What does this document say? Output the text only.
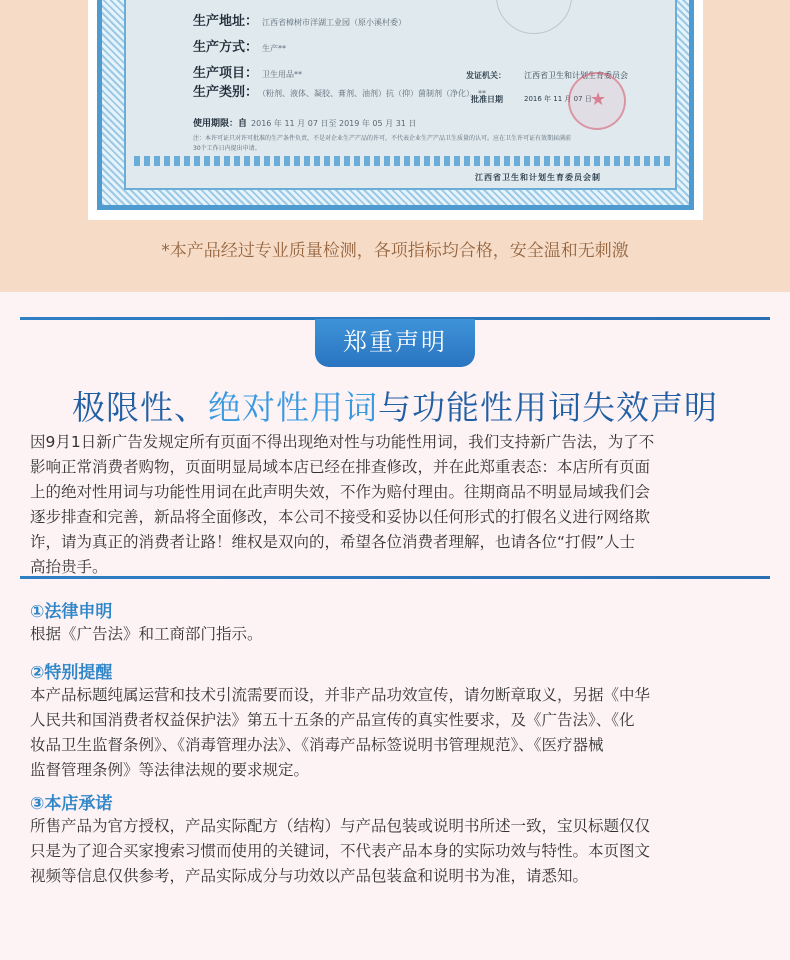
生产地址： 江西省樟树市洋湖工业园（原小溪村委）
生产方式： 生产**
生产项目： 卫生用品**
生产类别： （粉剂、液体、凝胶、膏剂、油剂）抗（抑）菌制剂（净化）。**
使用期限：自 2016 年 11 月 07 日至 2019 年 05 月 31 日
注：本许可证只对许可批准的生产条件负责，不是对企业生产产品的许可，不代表企业生产产品卫生质量的认可。应在卫生许可证有效期届满前30个工作日内提出申请。
发证机关： 江西省卫生和计划生育委员会
批准日期	2016 年 11 月 07 日
★
江西省卫生和计划生育委员会制
*本产品经过专业质量检测，各项指标均合格，安全温和无刺激
郑重声明
极限性、绝对性用词与功能性用词失效声明
因9月1日新广告发规定所有页面不得出现绝对性与功能性用词，我们支持新广告法，为了不
影响正常消费者购物，页面明显局域本店已经在排查修改，并在此郑重表态：本店所有页面
上的绝对性用词与功能性用词在此声明失效，不作为赔付理由。往期商品不明显局域我们会
逐步排查和完善，新品将全面修改，本公司不接受和妥协以任何形式的打假名义进行网络欺
诈，请为真正的消费者让路！维权是双向的，希望各位消费者理解，也请各位“打假”人士
高抬贵手。
①法律申明
根据《广告法》和工商部门指示。
②特别提醒
本产品标题纯属运营和技术引流需要而设，并非产品功效宣传，请勿断章取义，另据《中华
人民共和国消费者权益保护法》第五十五条的产品宣传的真实性要求，及《广告法》、《化
妆品卫生监督条例》、《消毒管理办法》、《消毒产品标签说明书管理规范》、《医疗器械
监督管理条例》等法律法规的要求规定。
③本店承诺
所售产品为官方授权，产品实际配方（结构）与产品包装或说明书所述一致，宝贝标题仅仅
只是为了迎合买家搜索习惯而使用的关键词，不代表产品本身的实际功效与特性。本页图文
视频等信息仅供参考，产品实际成分与功效以产品包装盒和说明书为准，请悉知。
